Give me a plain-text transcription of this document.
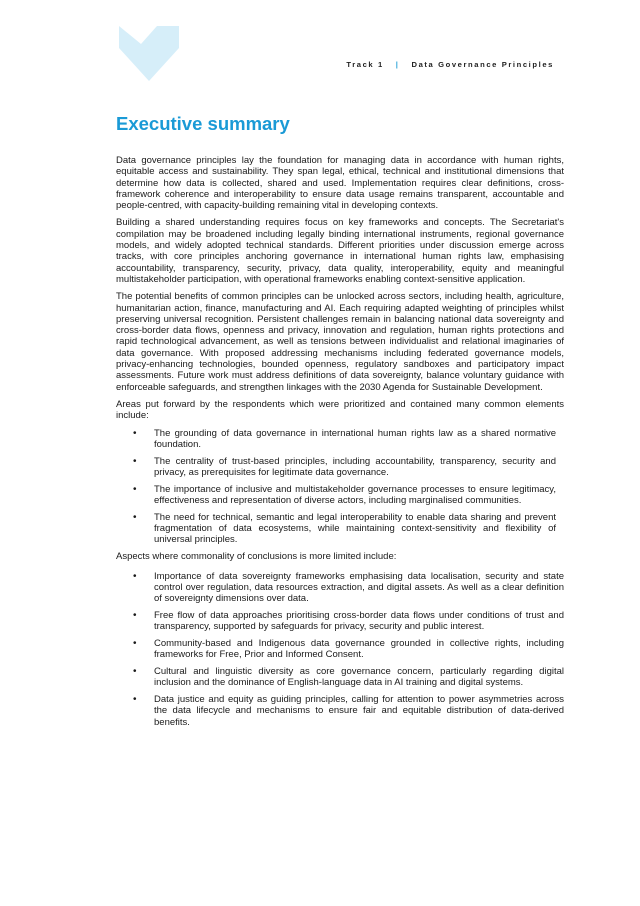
Track 1 | Data Governance Principles
Executive summary

Data governance principles lay the foundation for managing data in accordance with human rights, equitable access and sustainability. They span legal, ethical, technical and institutional dimensions that determine how data is collected, shared and used. Implementation requires clear definitions, cross-framework coherence and interoperability to ensure data usage remains transparent, accountable and people-centred, with capacity-building remaining vital in developing contexts.

Building a shared understanding requires focus on key frameworks and concepts. The Secretariat's compilation may be broadened including legally binding international instruments, regional governance models, and widely adopted technical standards. Different priorities under discussion emerge across tracks, with core principles anchoring governance in international human rights law, emphasising accountability, transparency, security, privacy, data quality, interoperability, equity and meaningful multistakeholder participation, with operational frameworks enabling context-sensitive application.

The potential benefits of common principles can be unlocked across sectors, including health, agriculture, humanitarian action, finance, manufacturing and AI. Each requiring adapted weighting of principles whilst preserving universal recognition. Persistent challenges remain in balancing national data sovereignty and cross-border data flows, openness and privacy, innovation and regulation, human rights protections and rapid technological advancement, as well as tensions between individualist and relational imaginaries of data governance. With proposed addressing mechanisms including federated governance models, privacy-enhancing technologies, bounded openness, regulatory sandboxes and participatory impact assessments. Future work must address definitions of data sovereignty, balance voluntary guidance with enforceable safeguards, and strengthen linkages with the 2030 Agenda for Sustainable Development.

Areas put forward by the respondents which were prioritized and contained many common elements include:

• The grounding of data governance in international human rights law as a shared normative foundation.
• The centrality of trust-based principles, including accountability, transparency, security and privacy, as prerequisites for legitimate data governance.
• The importance of inclusive and multistakeholder governance processes to ensure legitimacy, effectiveness and representation of diverse actors, including marginalised communities.
• The need for technical, semantic and legal interoperability to enable data sharing and prevent fragmentation of data ecosystems, while maintaining context-sensitivity and flexibility of universal principles.

Aspects where commonality of conclusions is more limited include:

• Importance of data sovereignty frameworks emphasising data localisation, security and state control over regulation, data resources extraction, and digital assets. As well as a clear definition of sovereignty dimensions over data.
• Free flow of data approaches prioritising cross-border data flows under conditions of trust and transparency, supported by safeguards for privacy, security and public interest.
• Community-based and Indigenous data governance grounded in collective rights, including frameworks for Free, Prior and Informed Consent.
• Cultural and linguistic diversity as core governance concern, particularly regarding digital inclusion and the dominance of English-language data in AI training and digital systems.
• Data justice and equity as guiding principles, calling for attention to power asymmetries across the data lifecycle and mechanisms to ensure fair and equitable distribution of data-derived benefits.
